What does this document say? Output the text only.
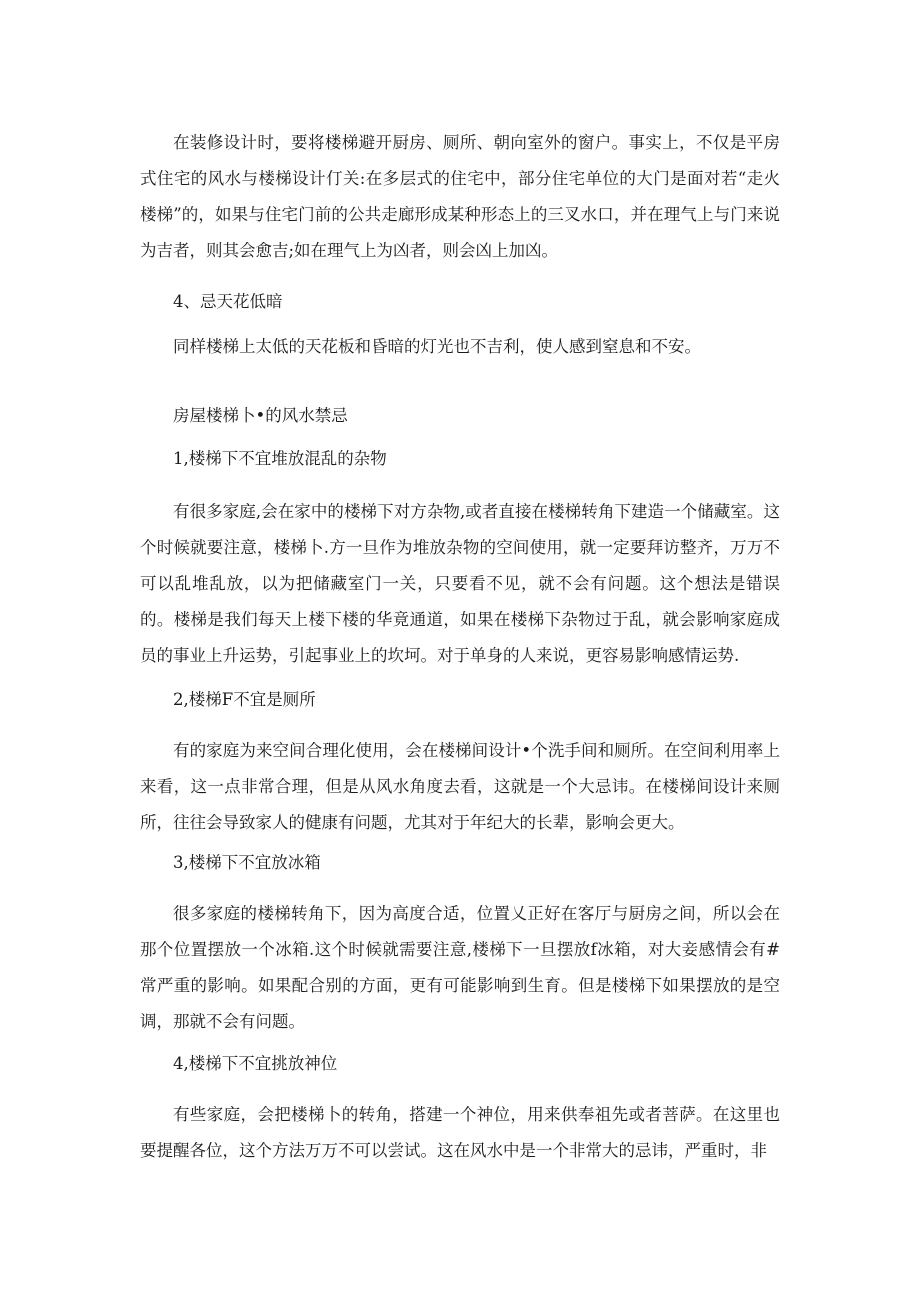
在装修设计时，要将楼梯避开厨房、厕所、朝向室外的窗户。事实上，不仅是平房式住宅的风水与楼梯设计仃关:在多层式的住宅中，部分住宅单位的大门是面对若“走火楼梯”的，如果与住宅门前的公共走廊形成某种形态上的三叉水口，并在理气上与门来说为吉者，则其会愈吉;如在理气上为凶者，则会凶上加凶。

4、忌天花低暗

同样楼梯上太低的天花板和昏暗的灯光也不吉利，使人感到窒息和不安。

房屋楼梯卜•的风水禁忌

1,楼梯下不宜堆放混乱的杂物

有很多家庭,会在家中的楼梯下对方杂物,或者直接在楼梯转角下建造一个储藏室。这个时候就要注意，楼梯卜.方一旦作为堆放杂物的空间使用，就一定要拜访整齐，万万不可以乱堆乱放，以为把储藏室门一关，只要看不见，就不会有问题。这个想法是错误的。楼梯是我们每天上楼下楼的华竟通道，如果在楼梯下杂物过于乱，就会影响家庭成员的事业上升运势，引起事业上的坎坷。对于单身的人来说，更容易影响感情运势.

2,楼梯F不宜是厕所

有的家庭为来空间合理化使用，会在楼梯间设计•个洗手间和厕所。在空间利用率上来看，这一点非常合理，但是从风水角度去看，这就是一个大忌讳。在楼梯间设计来厕所，往往会导致家人的健康有问题，尤其对于年纪大的长辈，影响会更大。

3,楼梯下不宜放冰箱

很多家庭的楼梯转角下，因为高度合适，位置乂正好在客厅与厨房之间，所以会在那个位置摆放一个冰箱.这个时候就需要注意,楼梯下一旦摆放f冰箱，对大妾感情会有#常严重的影响。如果配合别的方面，更有可能影响到生育。但是楼梯下如果摆放的是空调，那就不会有问题。

4,楼梯下不宜挑放神位

有些家庭，会把楼梯卜的转角，搭建一个神位，用来供奉祖先或者菩萨。在这里也要提醒各位，这个方法万万不可以尝试。这在风水中是一个非常大的忌讳，严重时，非
